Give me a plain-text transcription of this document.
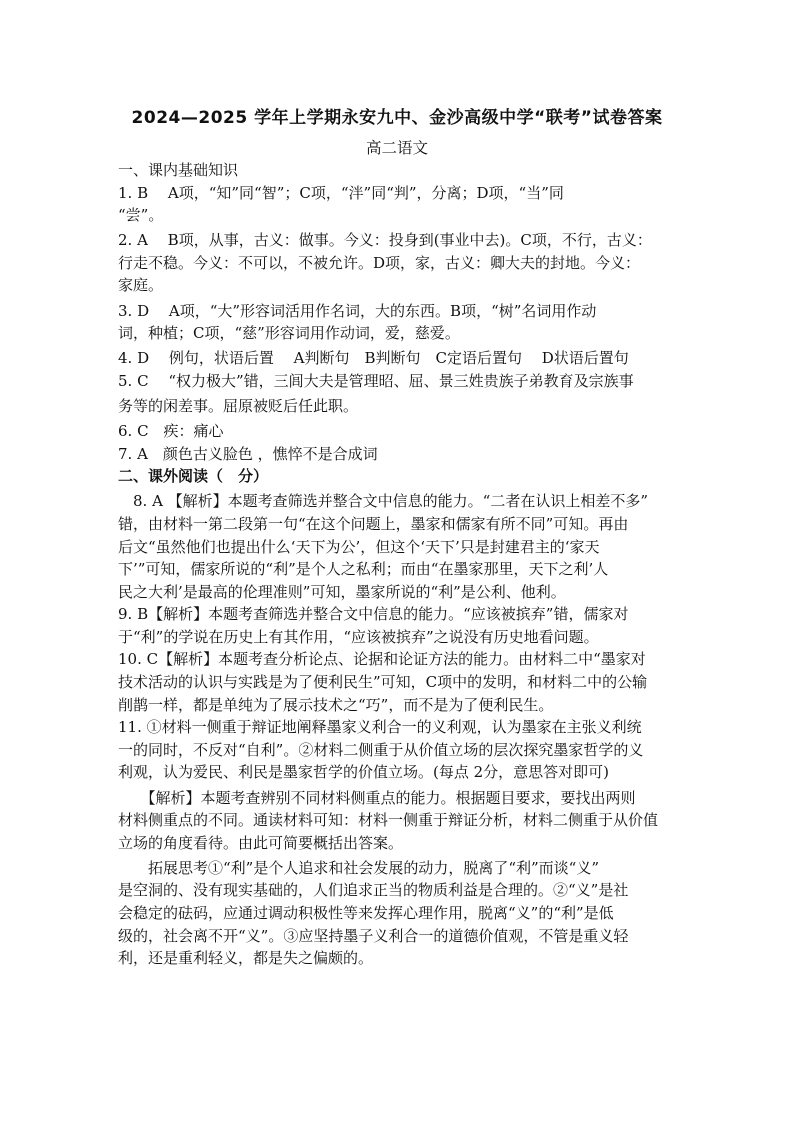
2024—2025 学年上学期永安九中、金沙高级中学“联考”试卷答案
高二语文
一、课内基础知识
1. B　 A项，“知”同“智”；C项，“泮”同“判”，分离；D项，“当”同
“尝”。
2. A　 B项，从事，古义：做事。今义：投身到(事业中去)。C项，不行，古义：
行走不稳。今义：不可以，不被允许。D项，家，古义：卿大夫的封地。今义：
家庭。
3. D　 A项，“大”形容词活用作名词，大的东西。B项，“树”名词用作动
词，种植；C项，“慈”形容词用作动词，爱，慈爱。
4. D　 例句，状语后置　 A判断句　B判断句　C定语后置句　 D状语后置句
5. C　 “权力极大”错，三闾大夫是管理昭、屈、景三姓贵族子弟教育及宗族事
务等的闲差事。屈原被贬后任此职。
6. C　疾：痛心
7. A　颜色古义脸色 ，憔悴不是合成词
二、课外阅读（　分）
　8. A 【解析】本题考查筛选并整合文中信息的能力。“二者在认识上相差不多”
错，由材料一第二段第一句“在这个问题上，墨家和儒家有所不同”可知。再由
后文“虽然他们也提出什么‘天下为公’，但这个‘天下’只是封建君主的‘家天
下’”可知，儒家所说的“利”是个人之私利；而由“在墨家那里，天下之利’人
民之大利’是最高的伦理准则”可知，墨家所说的“利”是公利、他利。
9. B【解析】本题考查筛选并整合文中信息的能力。“应该被摈弃”错，儒家对
于“利”的学说在历史上有其作用，“应该被摈弃”之说没有历史地看问题。
10. C【解析】本题考查分析论点、论据和论证方法的能力。由材料二中“墨家对
技术活动的认识与实践是为了便利民生”可知，C项中的发明，和材料二中的公输
削鹊一样，都是单纯为了展示技术之“巧”，而不是为了便利民生。
11. ①材料一侧重于辩证地阐释墨家义利合一的义利观，认为墨家在主张义利统
一的同时，不反对“自利”。②材料二侧重于从价值立场的层次探究墨家哲学的义
利观，认为爱民、利民是墨家哲学的价值立场。(每点 2分，意思答对即可)
　　【解析】本题考查辨别不同材料侧重点的能力。根据题目要求，要找出两则
材料侧重点的不同。通读材料可知：材料一侧重于辩证分析，材料二侧重于从价值
立场的角度看待。由此可简要概括出答案。
　　拓展思考①“利”是个人追求和社会发展的动力，脱离了“利”而谈“义”
是空洞的、没有现实基础的，人们追求正当的物质利益是合理的。②“义”是社
会稳定的砝码，应通过调动积极性等来发挥心理作用，脱离“义”的“利”是低
级的，社会离不开“义”。③应坚持墨子义利合一的道德价值观，不管是重义轻
利，还是重利轻义，都是失之偏颇的。
